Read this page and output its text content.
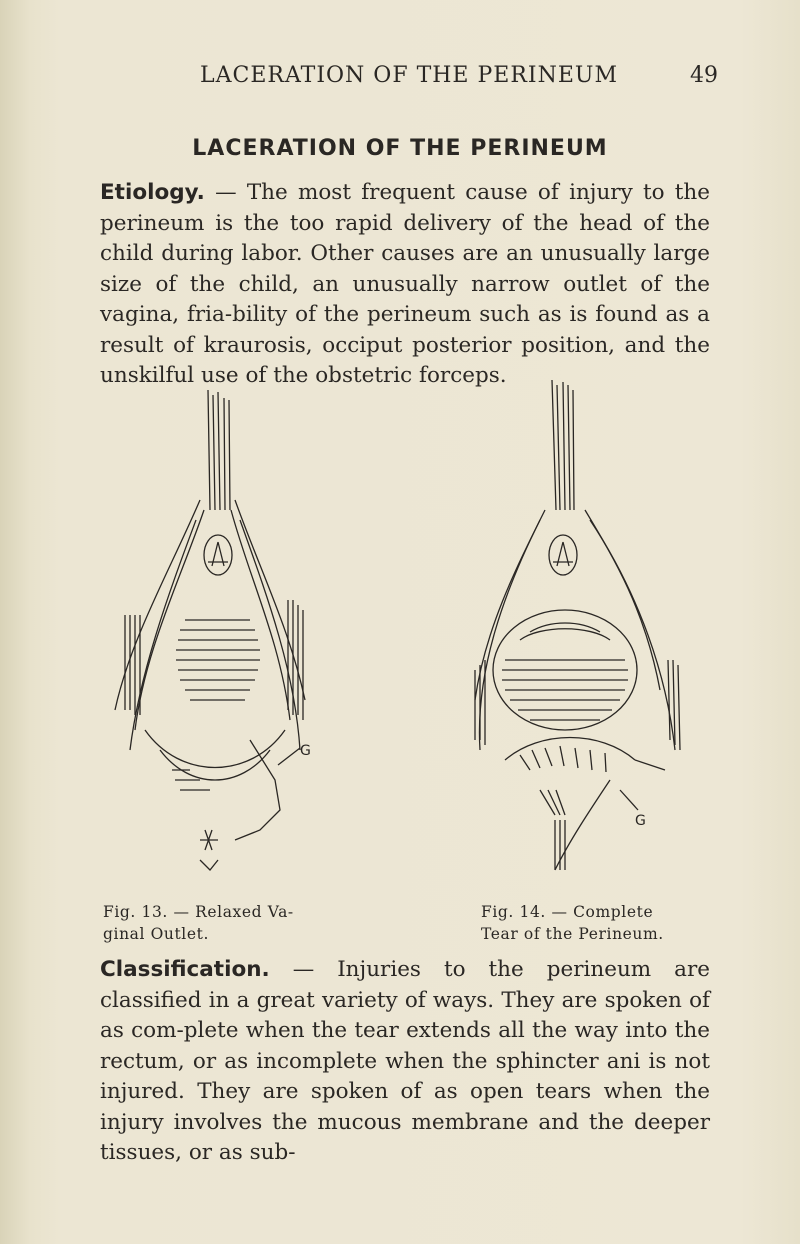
LACERATION OF THE PERINEUM	49
LACERATION OF THE PERINEUM

Etiology. — The most frequent cause of injury to the perineum is the too rapid delivery of the head of the child during labor. Other causes are an unusually large size of the child, an unusually narrow outlet of the vagina, fria-bility of the perineum such as is found as a result of kraurosis, occiput posterior position, and the unskilful use of the obstetric forceps.

G
G
Fig. 13. — Relaxed Va-
ginal Outlet.
Fig. 14. — Complete
Tear of the Perineum.

Classification. — Injuries to the perineum are classified in a great variety of ways. They are spoken of as com-plete when the tear extends all the way into the rectum, or as incomplete when the sphincter ani is not injured. They are spoken of as open tears when the injury involves the mucous membrane and the deeper tissues, or as sub-
